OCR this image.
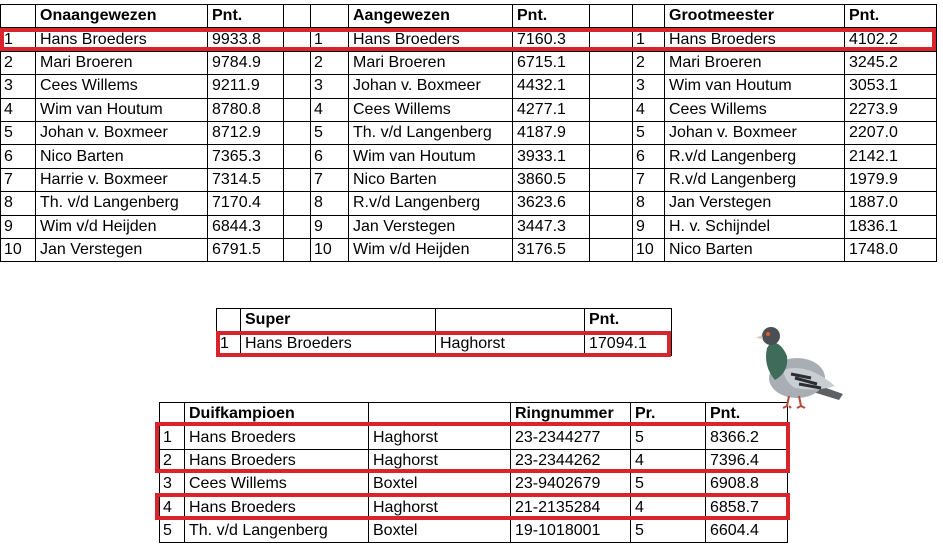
	Onaangewezen	Pnt.			Aangewezen	Pnt.			Grootmeester	Pnt.
1	Hans Broeders	9933.8		1	Hans Broeders	7160.3		1	Hans Broeders	4102.2
2	Mari Broeren	9784.9		2	Mari Broeren	6715.1		2	Mari Broeren	3245.2
3	Cees Willems	9211.9		3	Johan v. Boxmeer	4432.1		3	Wim van Houtum	3053.1
4	Wim van Houtum	8780.8		4	Cees Willems	4277.1		4	Cees Willems	2273.9
5	Johan v. Boxmeer	8712.9		5	Th. v/d Langenberg	4187.9		5	Johan v. Boxmeer	2207.0
6	Nico Barten	7365.3		6	Wim van Houtum	3933.1		6	R.v/d Langenberg	2142.1
7	Harrie v. Boxmeer	7314.5		7	Nico Barten	3860.5		7	R.v/d Langenberg	1979.9
8	Th. v/d Langenberg	7170.4		8	R.v/d Langenberg	3623.6		8	Jan Verstegen	1887.0
9	Wim v/d Heijden	6844.3		9	Jan Verstegen	3447.3		9	H. v. Schijndel	1836.1
10	Jan Verstegen	6791.5		10	Wim v/d Heijden	3176.5		10	Nico Barten	1748.0
	Super		Pnt.
1	Hans Broeders	Haghorst	17094.1
	Duifkampioen		Ringnummer	Pr.	Pnt.
1	Hans Broeders	Haghorst	23-2344277	5	8366.2
2	Hans Broeders	Haghorst	23-2344262	4	7396.4
3	Cees Willems	Boxtel	23-9402679	5	6908.8
4	Hans Broeders	Haghorst	21-2135284	4	6858.7
5	Th. v/d Langenberg	Boxtel	19-1018001	5	6604.4
